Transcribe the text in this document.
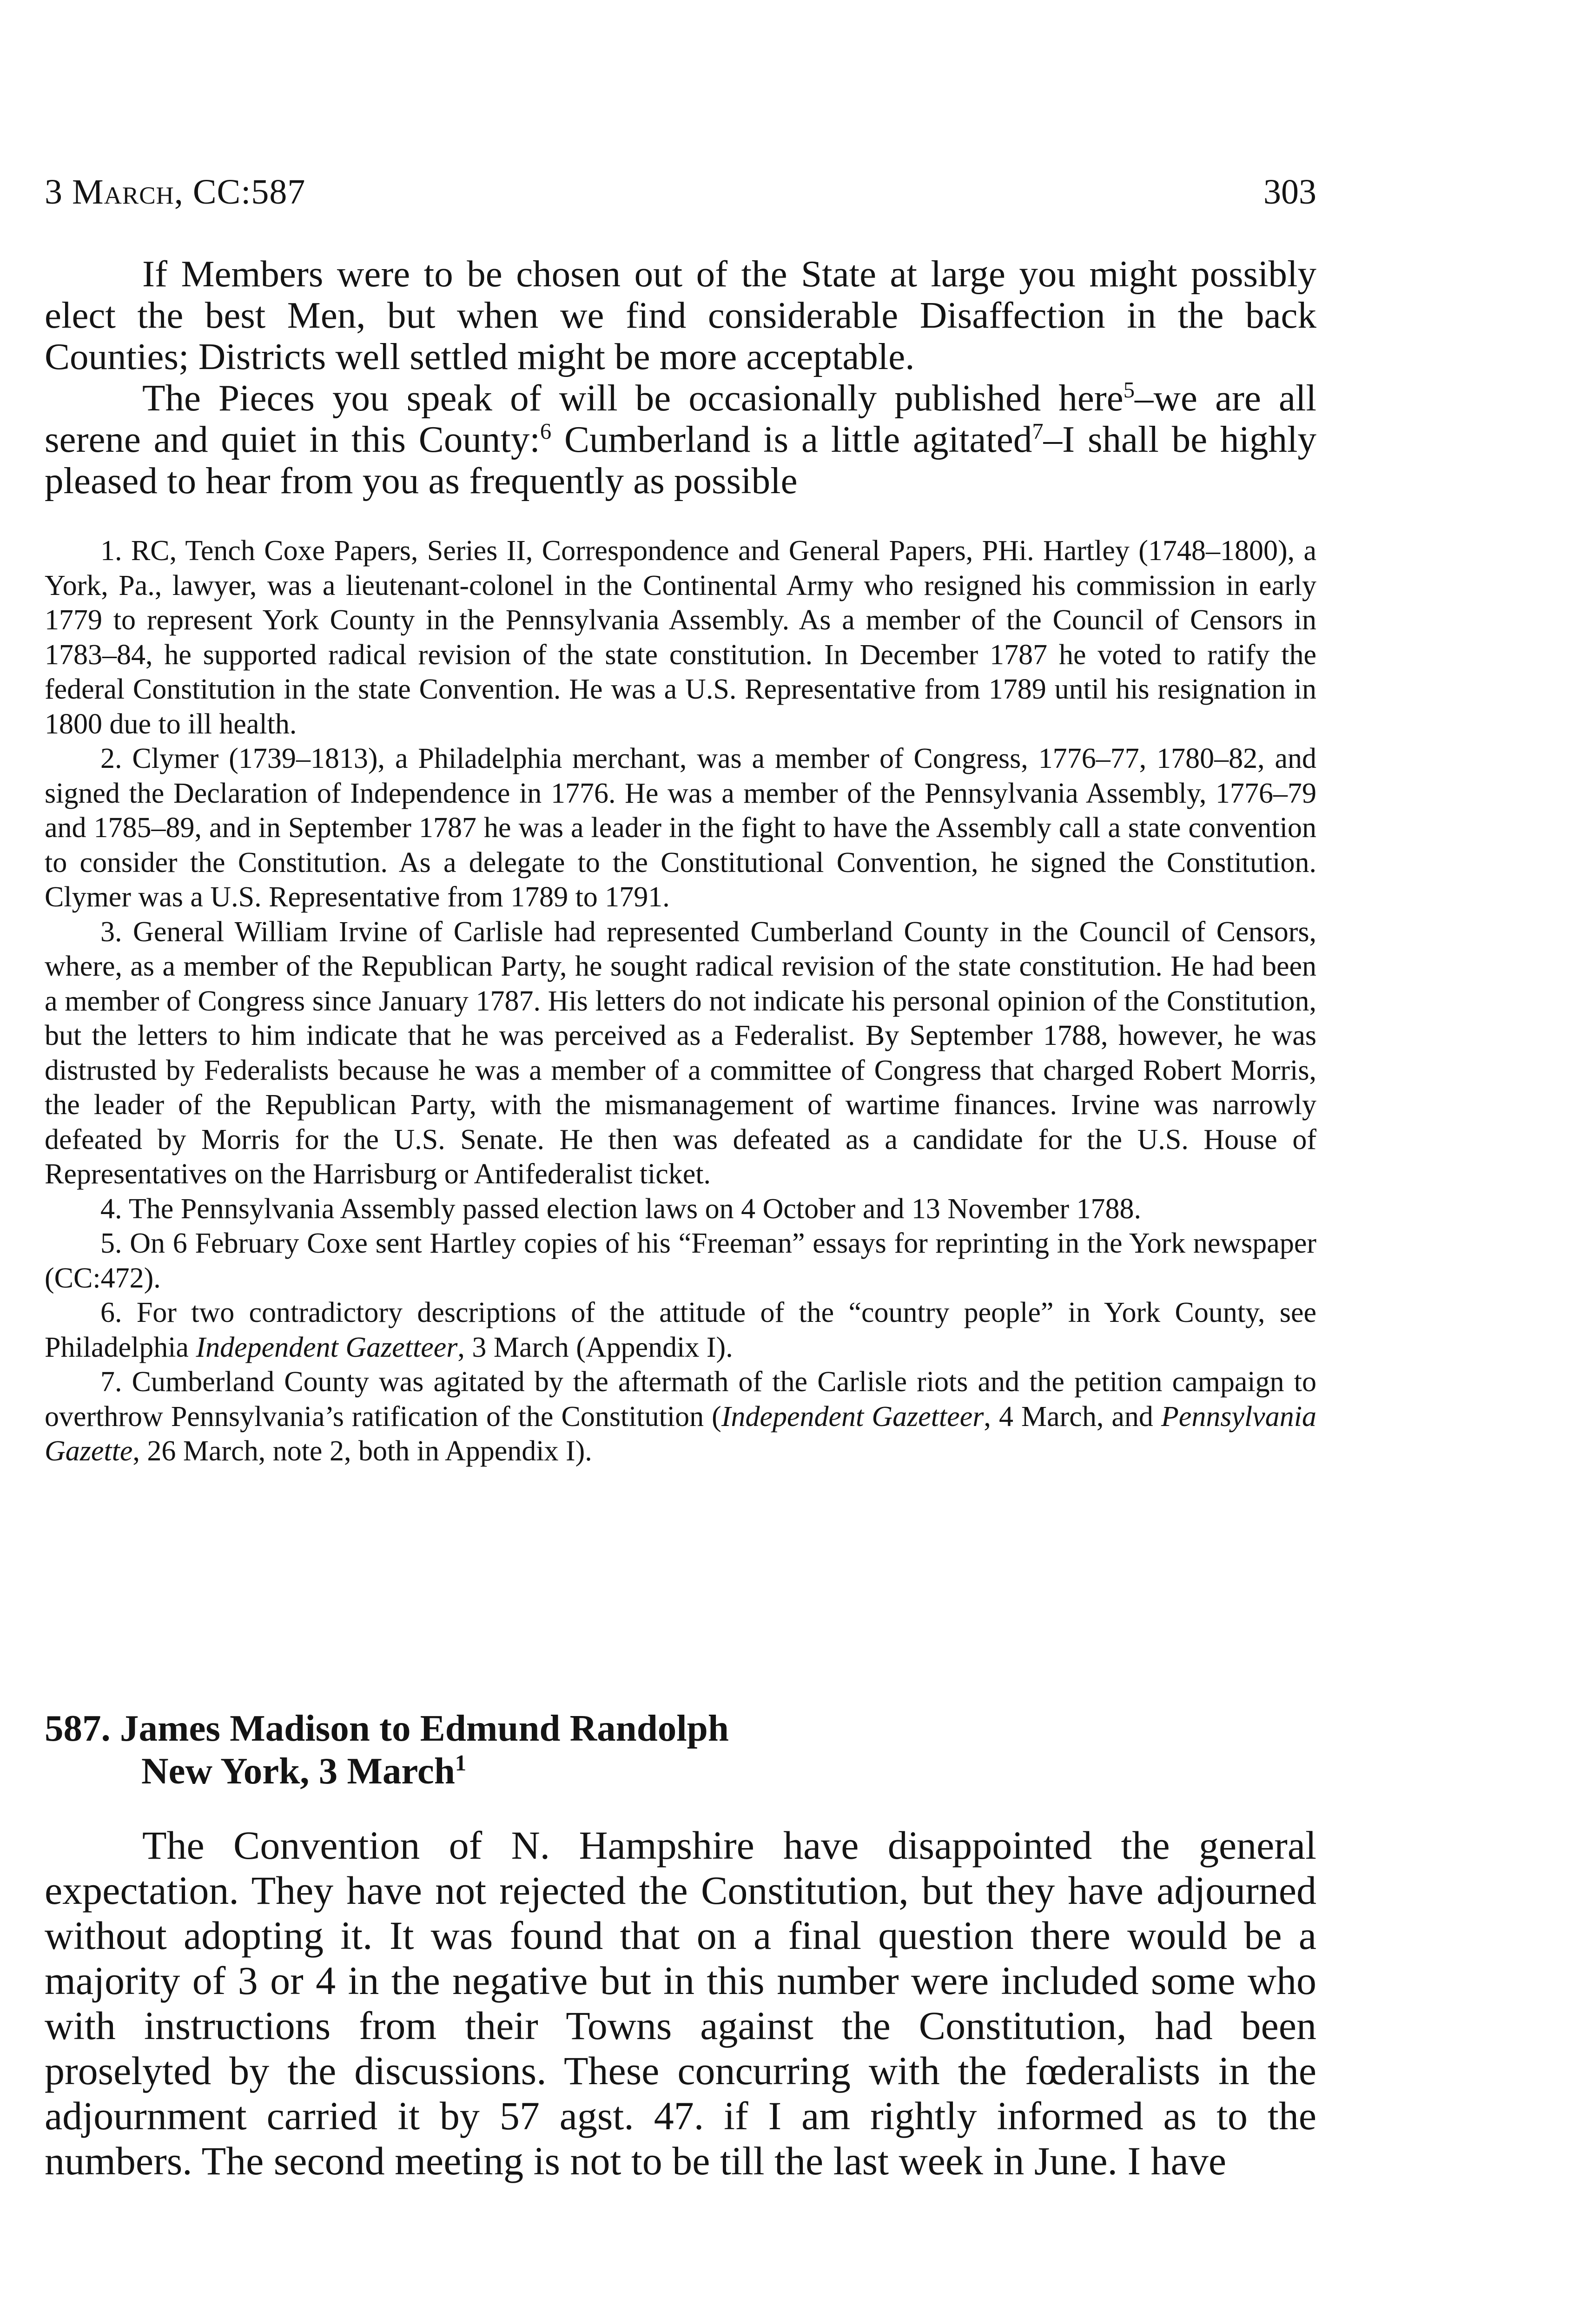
3 March, CC:587	303

If Members were to be chosen out of the State at large you might possibly elect the best Men, but when we find considerable Disaffection in the back Counties; Districts well settled might be more acceptable.

The Pieces you speak of will be occasionally published here$^5$–we are all serene and quiet in this County:$^6$ Cumberland is a little agitated$^7$–I shall be highly pleased to hear from you as frequently as possible

1. RC, Tench Coxe Papers, Series II, Correspondence and General Papers, PHi. Hartley (1748–1800), a York, Pa., lawyer, was a lieutenant-colonel in the Continental Army who resigned his commission in early 1779 to represent York County in the Pennsylvania Assembly. As a member of the Council of Censors in 1783–84, he supported radical revision of the state constitution. In December 1787 he voted to ratify the federal Constitution in the state Convention. He was a U.S. Representative from 1789 until his resignation in 1800 due to ill health.

2. Clymer (1739–1813), a Philadelphia merchant, was a member of Congress, 1776–77, 1780–82, and signed the Declaration of Independence in 1776. He was a member of the Pennsylvania Assembly, 1776–79 and 1785–89, and in September 1787 he was a leader in the fight to have the Assembly call a state convention to consider the Constitution. As a delegate to the Constitutional Convention, he signed the Constitution. Clymer was a U.S. Representative from 1789 to 1791.

3. General William Irvine of Carlisle had represented Cumberland County in the Council of Censors, where, as a member of the Republican Party, he sought radical revision of the state constitution. He had been a member of Congress since January 1787. His letters do not indicate his personal opinion of the Constitution, but the letters to him indicate that he was perceived as a Federalist. By September 1788, however, he was distrusted by Federalists because he was a member of a committee of Congress that charged Robert Morris, the leader of the Republican Party, with the mismanagement of wartime finances. Irvine was narrowly defeated by Morris for the U.S. Senate. He then was defeated as a candidate for the U.S. House of Representatives on the Harrisburg or Antifederalist ticket.

4. The Pennsylvania Assembly passed election laws on 4 October and 13 November 1788.

5. On 6 February Coxe sent Hartley copies of his “Freeman” essays for reprinting in the York newspaper (CC:472).

6. For two contradictory descriptions of the attitude of the “country people” in York County, see Philadelphia Independent Gazetteer, 3 March (Appendix I).

7. Cumberland County was agitated by the aftermath of the Carlisle riots and the petition campaign to overthrow Pennsylvania’s ratification of the Constitution (Independent Gazetteer, 4 March, and Pennsylvania Gazette, 26 March, note 2, both in Appendix I).

587. James Madison to Edmund Randolph
New York, 3 March$^1$

The Convention of N. Hampshire have disappointed the general expectation. They have not rejected the Constitution, but they have adjourned without adopting it. It was found that on a final question there would be a majority of 3 or 4 in the negative but in this number were included some who with instructions from their Towns against the Constitution, had been proselyted by the discussions. These concurring with the fœderalists in the adjournment carried it by 57 agst. 47. if I am rightly informed as to the numbers. The second meeting is not to be till the last week in June. I have
